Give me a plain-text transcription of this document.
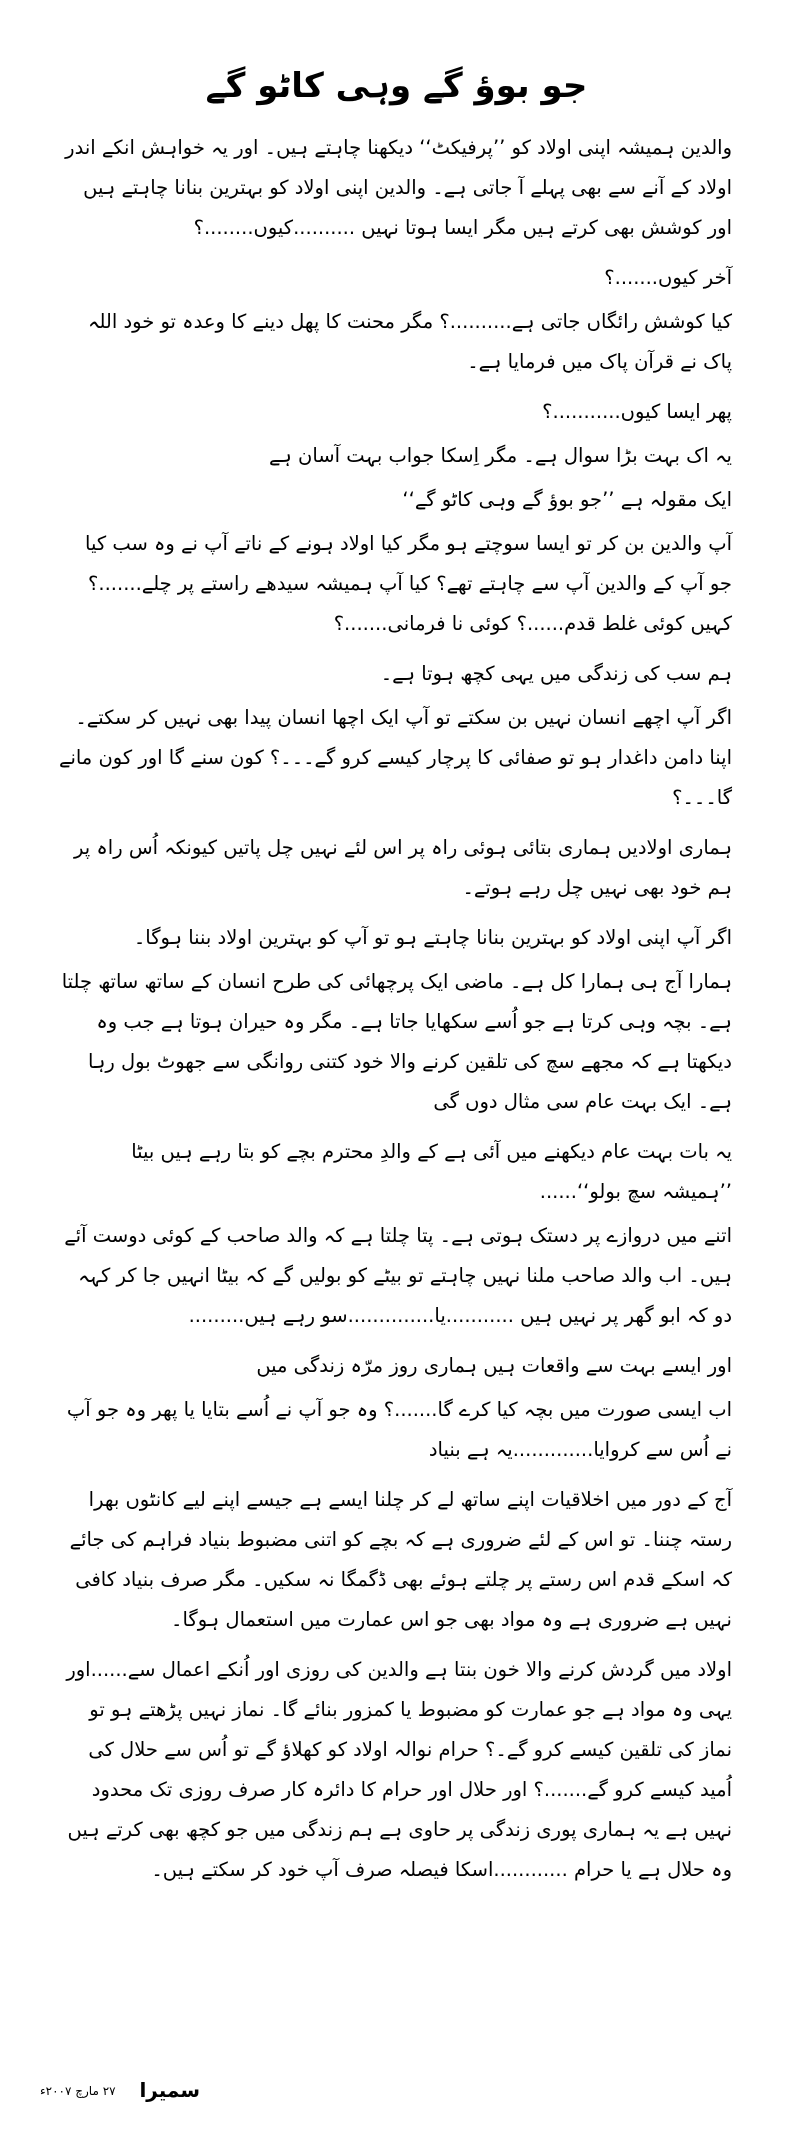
جو بوؤ گے وہی کاٹو گے

والدین ہمیشہ اپنی اولاد کو ’’پرفیکٹ‘‘ دیکھنا چاہتے ہیں۔ اور یہ خواہش انکے اندر اولاد کے آنے سے بھی پہلے آ جاتی ہے۔ والدین اپنی اولاد کو بہترین بنانا چاہتے ہیں اور کوشش بھی کرتے ہیں مگر ایسا ہوتا نہیں ..........کیوں........؟

آخر کیوں.......؟

کیا کوشش رائگاں جاتی ہے..........؟ مگر محنت کا پھل دینے کا وعدہ تو خود اللہ پاک نے قرآن پاک میں فرمایا ہے۔

پھر ایسا کیوں...........؟

یہ اک بہت بڑا سوال ہے۔ مگر اِسکا جواب بہت آسان ہے

ایک مقولہ ہے ’’جو بوؤ گے وہی کاٹو گے‘‘

آپ والدین بن کر تو ایسا سوچتے ہو مگر کیا اولاد ہونے کے ناتے آپ نے وہ سب کیا جو آپ کے والدین آپ سے چاہتے تھے؟ کیا آپ ہمیشہ سیدھے راستے پر چلے.......؟ کہیں کوئی غلط قدم......؟ کوئی نا فرمانی.......؟

ہم سب کی زندگی میں یہی کچھ ہوتا ہے۔

اگر آپ اچھے انسان نہیں بن سکتے تو آپ ایک اچھا انسان پیدا بھی نہیں کر سکتے۔ اپنا دامن داغدار ہو تو صفائی کا پرچار کیسے کرو گے۔۔۔؟ کون سنے گا اور کون مانے گا۔۔۔؟

ہماری اولادیں ہماری بتائی ہوئی راہ پر اس لئے نہیں چل پاتیں کیونکہ اُس راہ پر ہم خود بھی نہیں چل رہے ہوتے۔

اگر آپ اپنی اولاد کو بہترین بنانا چاہتے ہو تو آپ کو بہترین اولاد بننا ہوگا۔

ہمارا آج ہی ہمارا کل ہے۔ ماضی ایک پرچھائی کی طرح انسان کے ساتھ ساتھ چلتا ہے۔ بچہ وہی کرتا ہے جو اُسے سکھایا جاتا ہے۔ مگر وہ حیران ہوتا ہے جب وہ دیکھتا ہے کہ مجھے سچ کی تلقین کرنے والا خود کتنی روانگی سے جھوٹ بول رہا ہے۔ ایک بہت عام سی مثال دوں گی

یہ بات بہت عام دیکھنے میں آئی ہے کے والدِ محترم بچے کو بتا رہے ہیں بیٹا ’’ہمیشہ سچ بولو‘‘......

اتنے میں دروازے پر دستک ہوتی ہے۔ پتا چلتا ہے کہ والد صاحب کے کوئی دوست آئے ہیں۔ اب والد صاحب ملنا نہیں چاہتے تو بیٹے کو بولیں گے کہ بیٹا انہیں جا کر کہہ دو کہ ابو گھر پر نہیں ہیں ...........یا..............سو رہے ہیں.........

اور ایسے بہت سے واقعات ہیں ہماری روز مرّہ زندگی میں

اب ایسی صورت میں بچہ کیا کرے گا.......؟ وہ جو آپ نے اُسے بتایا یا پھر وہ جو آپ نے اُس سے کروایا.............یہ ہے بنیاد

آج کے دور میں اخلاقیات اپنے ساتھ لے کر چلنا ایسے ہے جیسے اپنے لیے کانٹوں بھرا رستہ چننا۔ تو اس کے لئے ضروری ہے کہ بچے کو اتنی مضبوط بنیاد فراہم کی جائے کہ اسکے قدم اس رستے پر چلتے ہوئے بھی ڈگمگا نہ سکیں۔ مگر صرف بنیاد کافی نہیں ہے ضروری ہے وہ مواد بھی جو اس عمارت میں استعمال ہوگا۔

اولاد میں گردش کرنے والا خون بنتا ہے والدین کی روزی اور اُنکے اعمال سے......اور یہی وہ مواد ہے جو عمارت کو مضبوط یا کمزور بنائے گا۔ نماز نہیں پڑھتے ہو تو نماز کی تلقین کیسے کرو گے۔؟ حرام نوالہ اولاد کو کھلاؤ گے تو اُس سے حلال کی اُمید کیسے کرو گے.......؟ اور حلال اور حرام کا دائرہ کار صرف روزی تک محدود نہیں ہے یہ ہماری پوری زندگی پر حاوی ہے ہم زندگی میں جو کچھ بھی کرتے ہیں وہ حلال ہے یا حرام ............اسکا فیصلہ صرف آپ خود کر سکتے ہیں۔

سمیرا
۲۷ مارچ ۲۰۰۷ء
